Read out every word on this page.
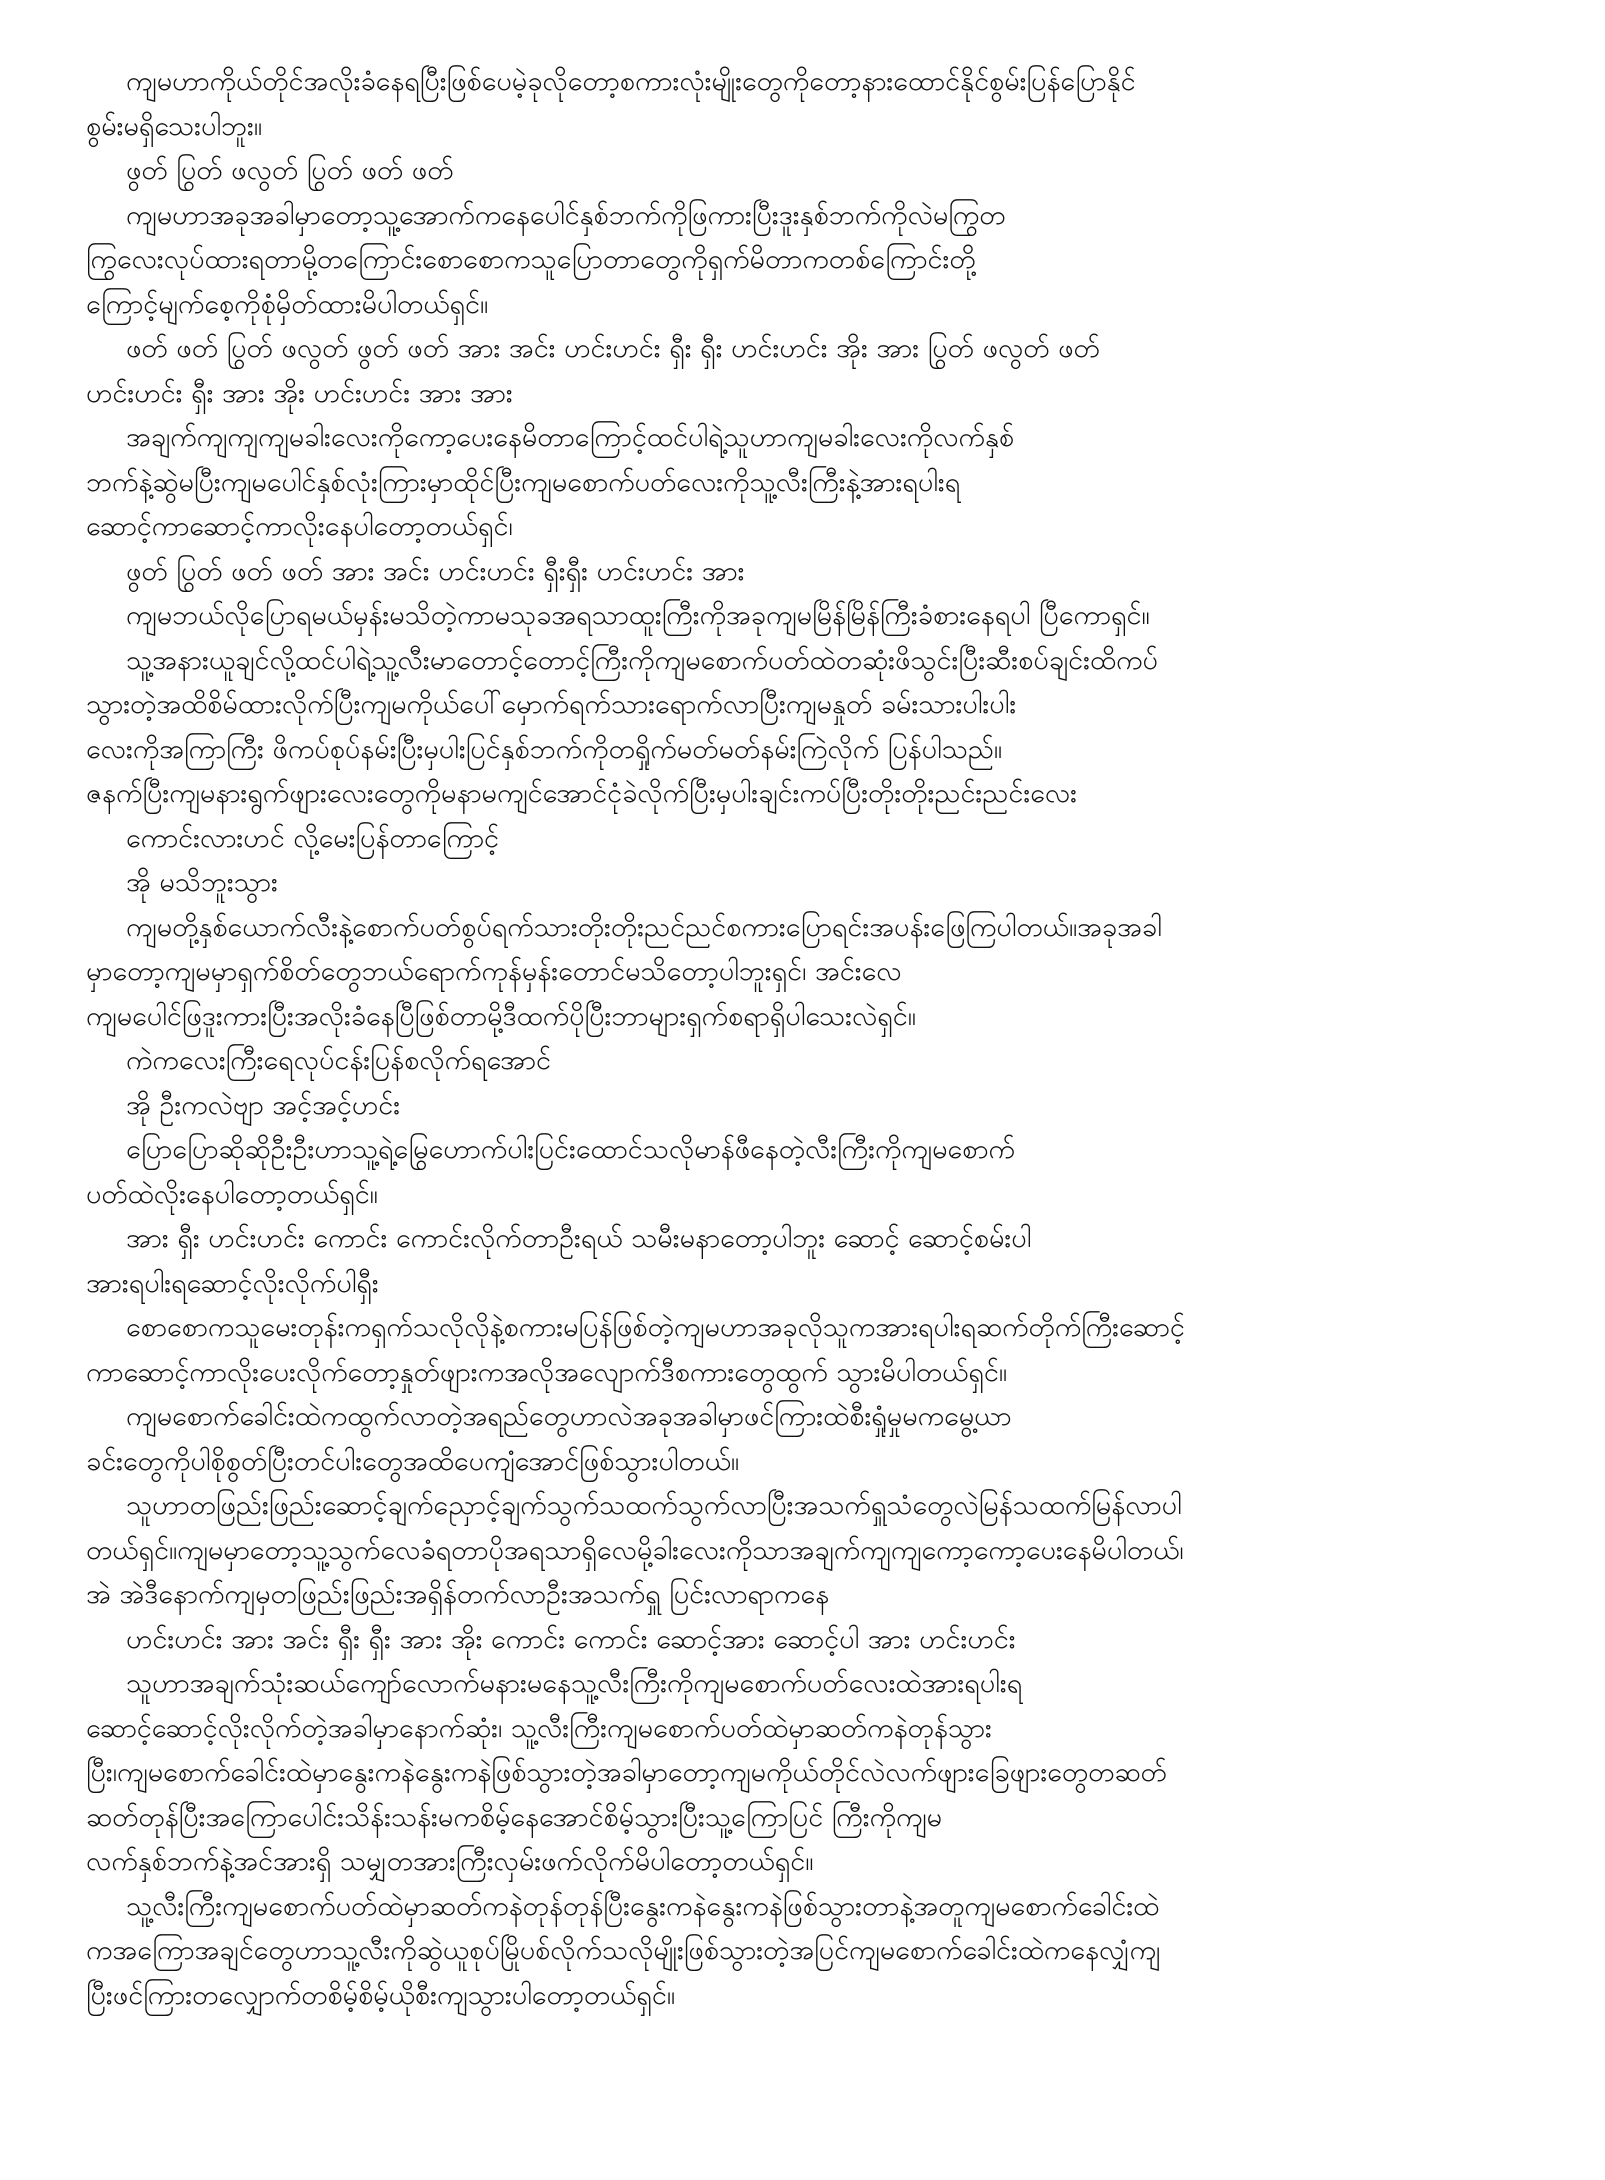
ကျမဟာကိုယ်တိုင်အလိုးခံနေရပြီးဖြစ်ပေမဲ့ခုလိုတော့စကားလုံးမျိုးတွေကိုတော့နားထောင်နိုင်စွမ်းပြန်ပြောနိုင်
စွမ်းမရှိသေးပါဘူး။

ဖွတ် ပြွတ် ဖလွတ် ပြွတ် ဖတ် ဖတ်

ကျမဟာအခုအခါမှာတော့သူ့အောက်ကနေပေါင်နှစ်ဘက်ကိုဖြကားပြီးဒူးနှစ်ဘက်ကိုလဲမကြွတ
ကြွလေးလုပ်ထားရတာမို့တကြောင်းစောစောကသူပြောတာတွေကိုရှက်မိတာကတစ်ကြောင်းတို့
ကြောင့်မျက်စေ့ကိုစုံမှိတ်ထားမိပါတယ်ရှင်။

ဖတ် ဖတ် ပြွတ် ဖလွတ် ဖွတ် ဖတ် အား အင်း ဟင်းဟင်း ရှီး ရှီး ဟင်းဟင်း အိုး အား ပြွတ် ဖလွတ် ဖတ်
ဟင်းဟင်း ရှီး အား အိုး ဟင်းဟင်း အား အား

အချက်ကျကျကျမခါးလေးကိုကော့ပေးနေမိတာကြောင့်ထင်ပါရဲ့သူဟာကျမခါးလေးကိုလက်နှစ်
ဘက်နဲ့ဆွဲမပြီးကျမပေါင်နှစ်လုံးကြားမှာထိုင်ပြီးကျမစောက်ပတ်လေးကိုသူ့လီးကြီးနဲ့အားရပါးရ
ဆောင့်ကာဆောင့်ကာလိုးနေပါတော့တယ်ရှင်၊

ဖွတ် ပြွတ် ဖတ် ဖတ် အား အင်း ဟင်းဟင်း ရှီးရှီး ဟင်းဟင်း အား

ကျမဘယ်လိုပြောရမယ်မှန်းမသိတဲ့ကာမသုခအရသာထူးကြီးကိုအခုကျမမြိန်မြိန်ကြီးခံစားနေရပါ ပြီကောရှင်။

သူ့အနားယူချင်လို့ထင်ပါရဲ့သူ့လီးမာတောင့်တောင့်ကြီးကိုကျမစောက်ပတ်ထဲတဆုံးဖိသွင်းပြီးဆီးစပ်ချင်းထိကပ်
သွားတဲ့အထိစိမ်ထားလိုက်ပြီးကျမကိုယ်ပေါ်မှောက်ရက်သားရောက်လာပြီးကျမနှုတ် ခမ်းသားပါးပါး
လေးကိုအကြာကြီး ဖိကပ်စုပ်နမ်းပြီးမှပါးပြင်နှစ်ဘက်ကိုတရှိုက်မတ်မတ်နမ်းကြဲလိုက် ပြန်ပါသည်။
ဇနက်ပြီးကျမနားရွက်ဖျားလေးတွေကိုမနာမကျင်အောင်ငုံခဲလိုက်ပြီးမှပါးချင်းကပ်ပြီးတိုးတိုးညင်းညင်းလေး

ကောင်းလားဟင် လို့မေးပြန်တာကြောင့်

အို မသိဘူးသွား

ကျမတို့နှစ်ယောက်လီးနဲ့စောက်ပတ်စွပ်ရက်သားတိုးတိုးညင်ညင်စကားပြောရင်းအပန်းဖြေကြပါတယ်။အခုအခါ
မှာတော့ကျမမှာရှက်စိတ်တွေဘယ်ရောက်ကုန်မှန်းတောင်မသိတော့ပါဘူးရှင်၊ အင်းလေ
ကျမပေါင်ဖြဒူးကားပြီးအလိုးခံနေပြီဖြစ်တာမို့ဒီထက်ပိုပြီးဘာများရှက်စရာရှိပါသေးလဲရှင်။

ကဲကလေးကြီးရေလုပ်ငန်းပြန်စလိုက်ရအောင်

အို ဦးကလဲဗျာ အင့်အင့်ဟင်း

ပြောပြောဆိုဆိုဦးဦးဟာသူ့ရဲ့မြွေဟောက်ပါးပြင်းထောင်သလိုမာန်ဖီနေတဲ့လီးကြီးကိုကျမစောက်
ပတ်ထဲလိုးနေပါတော့တယ်ရှင်။

အား ရှီး ဟင်းဟင်း ကောင်း ကောင်းလိုက်တာဦးရယ် သမီးမနာတော့ပါဘူး ဆောင့် ဆောင့်စမ်းပါ
အားရပါးရဆောင့်လိုးလိုက်ပါရှီး

စောစောကသူမေးတုန်းကရှက်သလိုလိုနဲ့စကားမပြန်ဖြစ်တဲ့ကျမဟာအခုလိုသူကအားရပါးရဆက်တိုက်ကြီးဆောင့်
ကာဆောင့်ကာလိုးပေးလိုက်တော့နှုတ်ဖျားကအလိုအလျောက်ဒီစကားတွေထွက် သွားမိပါတယ်ရှင်။

ကျမစောက်ခေါင်းထဲကထွက်လာတဲ့အရည်တွေဟာလဲအခုအခါမှာဖင်ကြားထဲစီးရှုံမှုမကမွေ့ယာ
ခင်းတွေကိုပါစိုစွတ်ပြီးတင်ပါးတွေအထိပေကျံအောင်ဖြစ်သွားပါတယ်။

သူဟာတဖြည်းဖြည်းဆောင့်ချက်ညှောင့်ချက်သွက်သထက်သွက်လာပြီးအသက်ရှူသံတွေလဲမြန်သထက်မြန်လာပါ
တယ်ရှင်။ကျမမှာတော့သူ့သွက်လေခံရတာပိုအရသာရှိလေမို့ခါးလေးကိုသာအချက်ကျကျကော့ကော့ပေးနေမိပါတယ်၊
အဲ အဲဒီနောက်ကျမှတဖြည်းဖြည်းအရှိန်တက်လာဦးအသက်ရှူ ပြင်းလာရာကနေ

ဟင်းဟင်း အား အင်း ရှီး ရှီး အား အိုး ကောင်း ကောင်း ဆောင့်အား ဆောင့်ပါ အား ဟင်းဟင်း

သူဟာအချက်သုံးဆယ်ကျော်လောက်မနားမနေသူ့လီးကြီးကိုကျမစောက်ပတ်လေးထဲအားရပါးရ
ဆောင့်ဆောင့်လိုးလိုက်တဲ့အခါမှာနောက်ဆုံး၊ သူ့လီးကြီးကျမစောက်ပတ်ထဲမှာဆတ်ကနဲတုန်သွား
ပြီး၊ကျမစောက်ခေါင်းထဲမှာနွေးကနဲနွေးကနဲဖြစ်သွားတဲ့အခါမှာတော့ကျမကိုယ်တိုင်လဲလက်ဖျားခြေဖျားတွေတဆတ်
ဆတ်တုန်ပြီးအကြောပေါင်းသိန်းသန်းမကစိမ့်နေအောင်စိမ့်သွားပြီးသူ့ကြောပြင် ကြီးကိုကျမ
လက်နှစ်ဘက်နဲ့အင်အားရှိ သမျှတအားကြီးလှမ်းဖက်လိုက်မိပါတော့တယ်ရှင်။

သူ့လီးကြီးကျမစောက်ပတ်ထဲမှာဆတ်ကနဲတုန်တုန်ပြီးနွေးကနဲနွေးကနဲဖြစ်သွားတာနဲ့အတူကျမစောက်ခေါင်းထဲ
ကအကြောအချင်တွေဟာသူ့လီးကိုဆွဲယူစုပ်မြိုပစ်လိုက်သလိုမျိုးဖြစ်သွားတဲ့အပြင်ကျမစောက်ခေါင်းထဲကနေလျှံကျ
ပြီးဖင်ကြားတလျှောက်တစိမ့်စိမ့်ယိုစီးကျသွားပါတော့တယ်ရှင်။
